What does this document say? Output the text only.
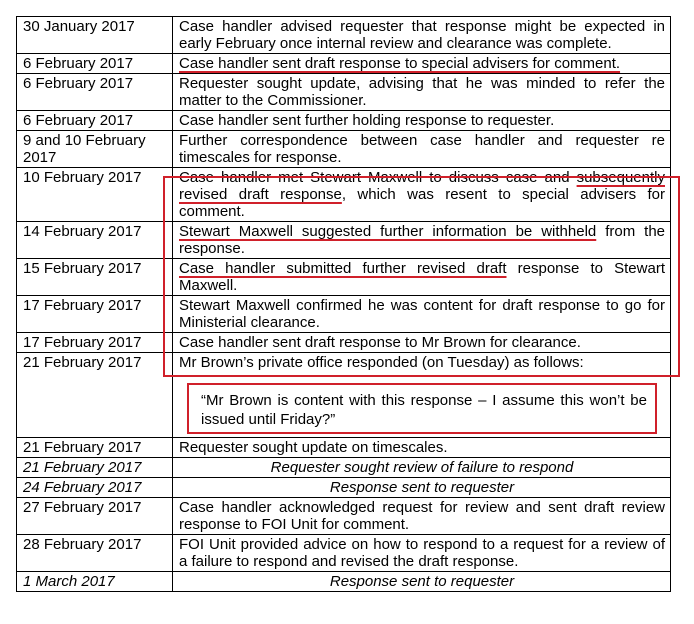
30 January 2017	Case handler advised requester that response might be expected in early February once internal review and clearance was complete.
6 February 2017	Case handler sent draft response to special advisers for comment.
6 February 2017	Requester sought update, advising that he was minded to refer the matter to the Commissioner.
6 February 2017	Case handler sent further holding response to requester.
9 and 10 February 2017	Further correspondence between case handler and requester re timescales for response.
10 February 2017	Case handler met Stewart Maxwell to discuss case and subsequently revised draft response, which was resent to special advisers for comment.
14 February 2017	Stewart Maxwell suggested further information be withheld from the response.
15 February 2017	Case handler submitted further revised draft response to Stewart Maxwell.
17 February 2017	Stewart Maxwell confirmed he was content for draft response to go for Ministerial clearance.
17 February 2017	Case handler sent draft response to Mr Brown for clearance.
21 February 2017	Mr Brown’s private office responded (on Tuesday) as follows:
“Mr Brown is content with this response – I assume this won’t be issued until Friday?”

21 February 2017	Requester sought update on timescales.
21 February 2017	Requester sought review of failure to respond
24 February 2017	Response sent to requester
27 February 2017	Case handler acknowledged request for review and sent draft review response to FOI Unit for comment.
28 February 2017	FOI Unit provided advice on how to respond to a request for a review of a failure to respond and revised the draft response.
1 March 2017	Response sent to requester
